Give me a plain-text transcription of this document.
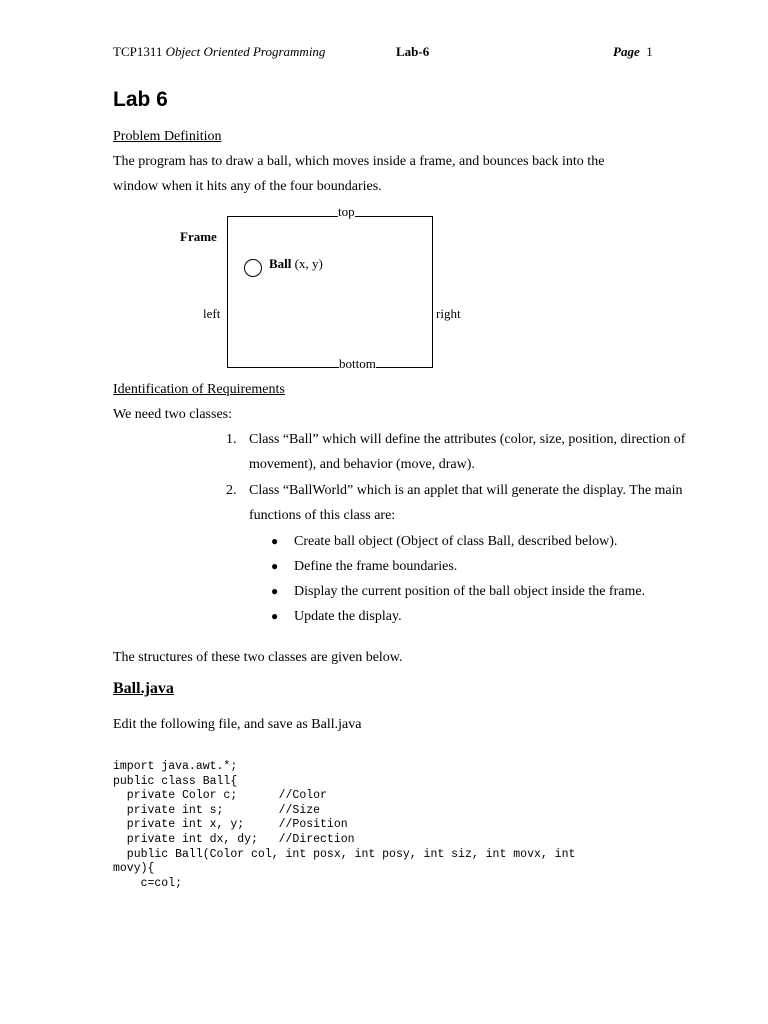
TCP1311 Object Oriented Programming	Lab-6	Page 1
Lab 6
Problem Definition
The program has to draw a ball, which moves inside a frame, and bounces back into the
window when it hits any of the four boundaries.
Frame
Ball (x, y)
top
bottom
left	right
Identification of Requirements
We need two classes:
1. Class “Ball” which will define the attributes (color, size, position, direction of
movement), and behavior (move, draw).
2. Class “BallWorld” which is an applet that will generate the display. The main
functions of this class are:
● Create ball object (Object of class Ball, described below).
● Define the frame boundaries.
● Display the current position of the ball object inside the frame.
● Update the display.
The structures of these two classes are given below.
Ball.java
Edit the following file, and save as Ball.java
import java.awt.*;
public class Ball{
private Color c;      //Color
private int s;        //Size
private int x, y;     //Position
private int dx, dy;   //Direction
public Ball(Color col, int posx, int posy, int siz, int movx, int
movy){
c=col;
